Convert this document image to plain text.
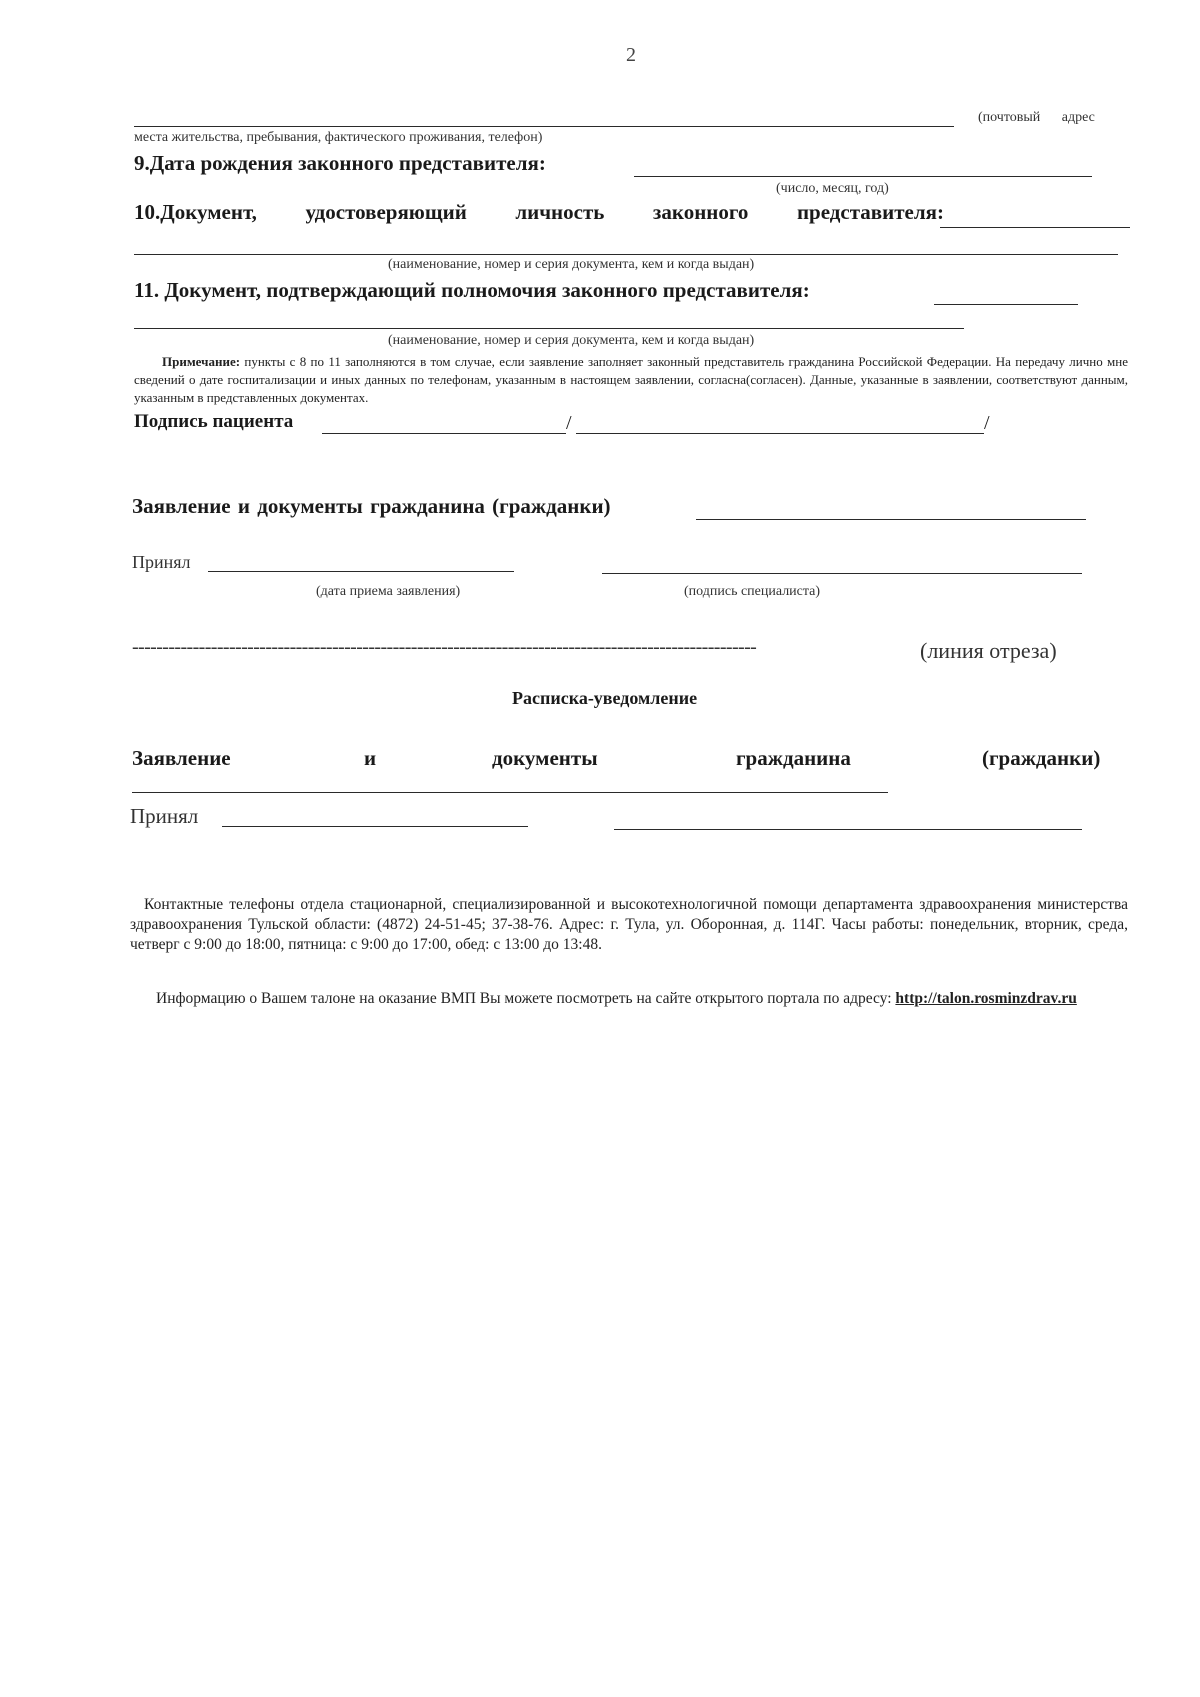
2
(почтовый адрес
места жительства, пребывания, фактического проживания, телефон)
9.Дата рождения законного представителя:
(число, месяц, год)
10.Документ, удостоверяющий личность законного представителя:
(наименование, номер и серия документа, кем и когда выдан)
11. Документ, подтверждающий полномочия законного представителя:
(наименование, номер и серия документа, кем и когда выдан)
Примечание: пункты с 8 по 11 заполняются в том случае, если заявление заполняет законный представитель гражданина Российской Федерации. На передачу лично мне сведений о дате госпитализации и иных данных по телефонам, указанным в настоящем заявлении, согласна(согласен). Данные, указанные в заявлении, соответствуют данным, указанным в представленных документах.
Подпись пациента	/	/
Заявление и документы гражданина (гражданки)
Принял
(дата приема заявления)	(подпись специалиста)
-------------------------------------------------------------------------------------------------------	(линия отреза)
Расписка-уведомление
Заявление	и	документы	гражданина	(гражданки)
Принял
Контактные телефоны отдела стационарной, специализированной и высокотехнологичной помощи департамента здравоохранения министерства здравоохранения Тульской области: (4872) 24-51-45; 37-38-76. Адрес: г. Тула, ул. Оборонная, д. 114Г. Часы работы: понедельник, вторник, среда, четверг с 9:00 до 18:00, пятница: с 9:00 до 17:00, обед: с 13:00 до 13:48.
Информацию о Вашем талоне на оказание ВМП Вы можете посмотреть на сайте открытого портала по адресу: http://talon.rosminzdrav.ru
